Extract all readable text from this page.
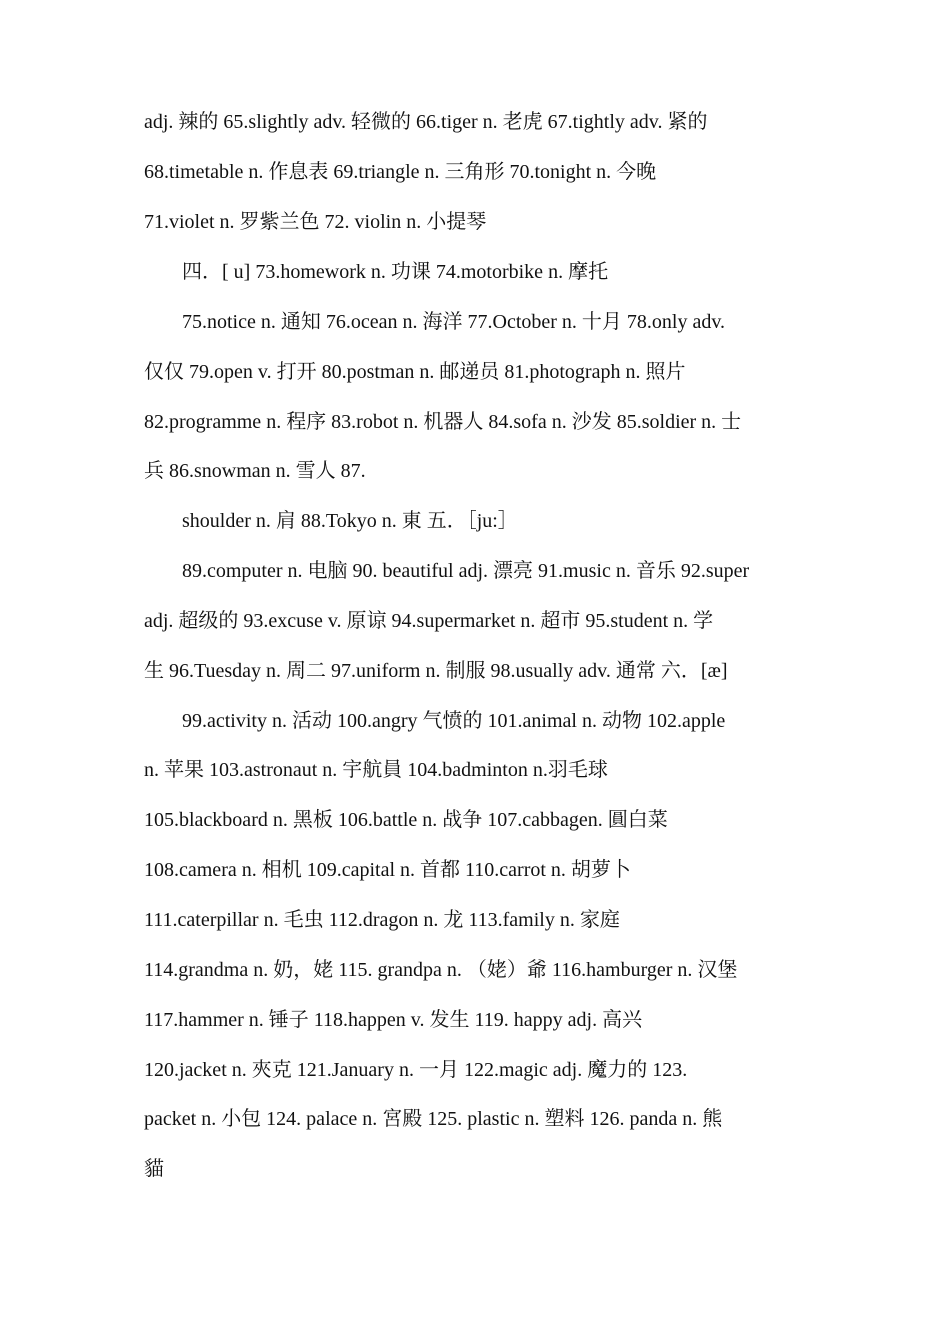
adj. 辣的 65.slightly adv. 轻微的 66.tiger n. 老虎 67.tightly adv. 紧的
68.timetable n. 作息表 69.triangle n. 三角形 70.tonight n. 今晚
71.violet n. 罗紫兰色 72. violin n. 小提琴
四．[ u] 73.homework n. 功课 74.motorbike n. 摩托
75.notice n. 通知 76.ocean n. 海洋 77.October n. 十月 78.only adv.
仅仅 79.open v. 打开 80.postman n. 邮递员 81.photograph n. 照片
82.programme n. 程序 83.robot n. 机器人 84.sofa n. 沙发 85.soldier n. 士
兵 86.snowman n. 雪人 87.
shoulder n. 肩 88.Tokyo n. 東 五．［ju:］
89.computer n. 电脑 90. beautiful adj. 漂亮 91.music n. 音乐 92.super
adj. 超级的 93.excuse v. 原谅 94.supermarket n. 超市 95.student n. 学
生 96.Tuesday n. 周二 97.uniform n. 制服 98.usually adv. 通常 六．[æ]
99.activity n. 活动 100.angry 气愤的 101.animal n. 动物 102.apple
n. 苹果 103.astronaut n. 宇航員 104.badminton n.羽毛球
105.blackboard n. 黑板 106.battle n. 战争 107.cabbagen. 圓白菜
108.camera n. 相机 109.capital n. 首都 110.carrot n. 胡萝卜
111.caterpillar n. 毛虫 112.dragon n. 龙 113.family n. 家庭
114.grandma n. 奶，姥 115. grandpa n. （姥）爺 116.hamburger n. 汉堡
117.hammer n. 锤子 118.happen v. 发生 119. happy adj. 高兴
120.jacket n. 夾克 121.January n. 一月 122.magic adj. 魔力的 123.
packet n. 小包 124. palace n. 宮殿 125. plastic n. 塑料 126. panda n. 熊
貓
